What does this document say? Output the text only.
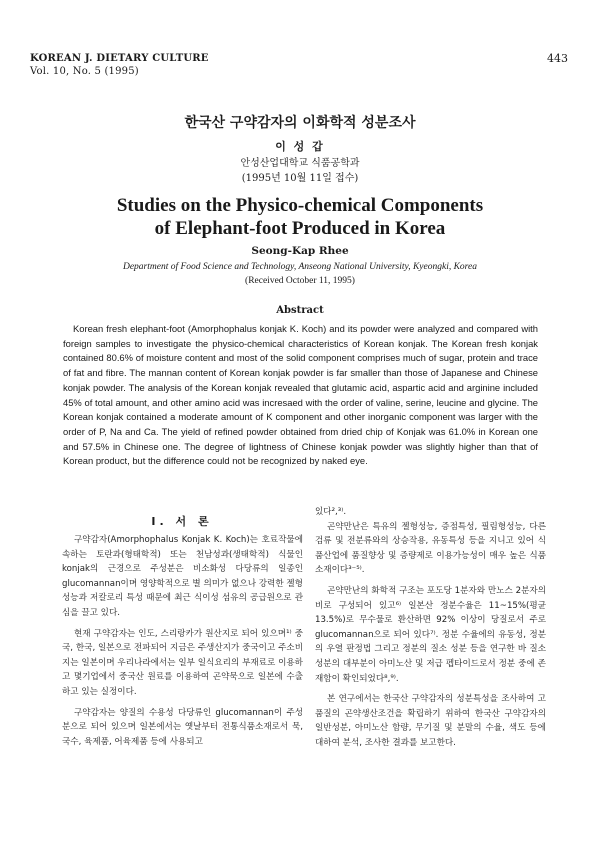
KOREAN J. DIETARY CULTURE
Vol. 10, No. 5 (1995)
443
한국산 구약감자의 이화학적 성분조사
이 성 갑
안성산업대학교 식품공학과
(1995년 10월 11일 접수)
Studies on the Physico-chemical Components
of Elephant-foot Produced in Korea
Seong-Kap Rhee
Department of Food Science and Technology, Anseong National University, Kyeongki, Korea
(Received October 11, 1995)
Abstract
Korean fresh elephant-foot (Amorphophalus konjak K. Koch) and its powder were analyzed and compared with foreign samples to investigate the physico-chemical characteristics of Korean konjak. The Korean fresh konjak contained 80.6% of moisture content and most of the solid component comprises much of sugar, protein and trace of fat and fibre. The mannan content of Korean konjak powder is far smaller than those of Japanese and Chinese konjak powder. The analysis of the Korean konjak revealed that glutamic acid, aspartic acid and arginine included 45% of total amount, and other amino acid was incresaed with the order of valine, serine, leucine and glycine. The Korean konjak contained a moderate amount of K component and other inorganic component was larger with the order of P, Na and Ca. The yield of refined powder obtained from dried chip of Konjak was 61.0% in Korean one and 57.5% in Chinese one. The degree of lightness of Chinese konjak powder was slightly higher than that of Korean product, but the difference could not be recognized by naked eye.
I. 서 론

구약감자(Amorphophalus Konjak K. Koch)는 호료작물에 속하는 토란과(형태학적) 또는 천남성과(생태학적) 식물인 konjak의 근경으로 주성분은 비소화성 다당류의 일종인 glucomannan이며 영양학적으로 별 의미가 없으나 강력한 젤형성능과 저칼로리 특성 때문에 최근 식이성 섬유의 공급원으로 관심을 끌고 있다.

현재 구약감자는 인도, 스리랑카가 원산지로 되어 있으며¹⁾ 중국, 한국, 일본으로 전파되어 지금은 주생산지가 중국이고 주소비지는 일본이며 우리나라에서는 일부 일식요리의 부재료로 이용하고 몇기업에서 중국산 원료를 이용하여 곤약묵으로 일본에 수출하고 있는 실정이다.

구약감자는 양질의 수용성 다당류인 glucomannan이 주성분으로 되어 있으며 일본에서는 옛날부터 전통식품소재로서 묵, 국수, 육제품, 어육제품 등에 사용되고

있다²,³⁾.

곤약만난은 특유의 젤형성능, 증점특성, 필림형성능, 다른 검류 및 전분류와의 상승작용, 유동특성 등을 지니고 있어 식품산업에 품질향상 및 증량제로 이용가능성이 매우 높은 식품소재이다³⁻⁵⁾.

곤약만난의 화학적 구조는 포도당 1분자와 만노스 2분자의 비로 구성되어 있고⁶⁾ 일본산 정분수율은 11~15%(평균 13.5%)로 무수물로 환산하면 92% 이상이 당질로서 주로 glucomannan으로 되어 있다⁷⁾. 정분 수율에의 유동성, 정분의 우열 판정법 그리고 정분의 질소 성분 등을 연구한 바 질소성분의 대부분이 아미노산 및 저급 펩타이드로서 정분 중에 존재함이 확인되었다⁸,⁹⁾.

본 연구에서는 한국산 구약감자의 성분특성을 조사하여 고품질의 곤약생산조건을 확립하기 위하여 한국산 구약감자의 일반성분, 아미노산 함량, 무기질 및 분말의 수율, 색도 등에 대하여 분석, 조사한 결과를 보고한다.
